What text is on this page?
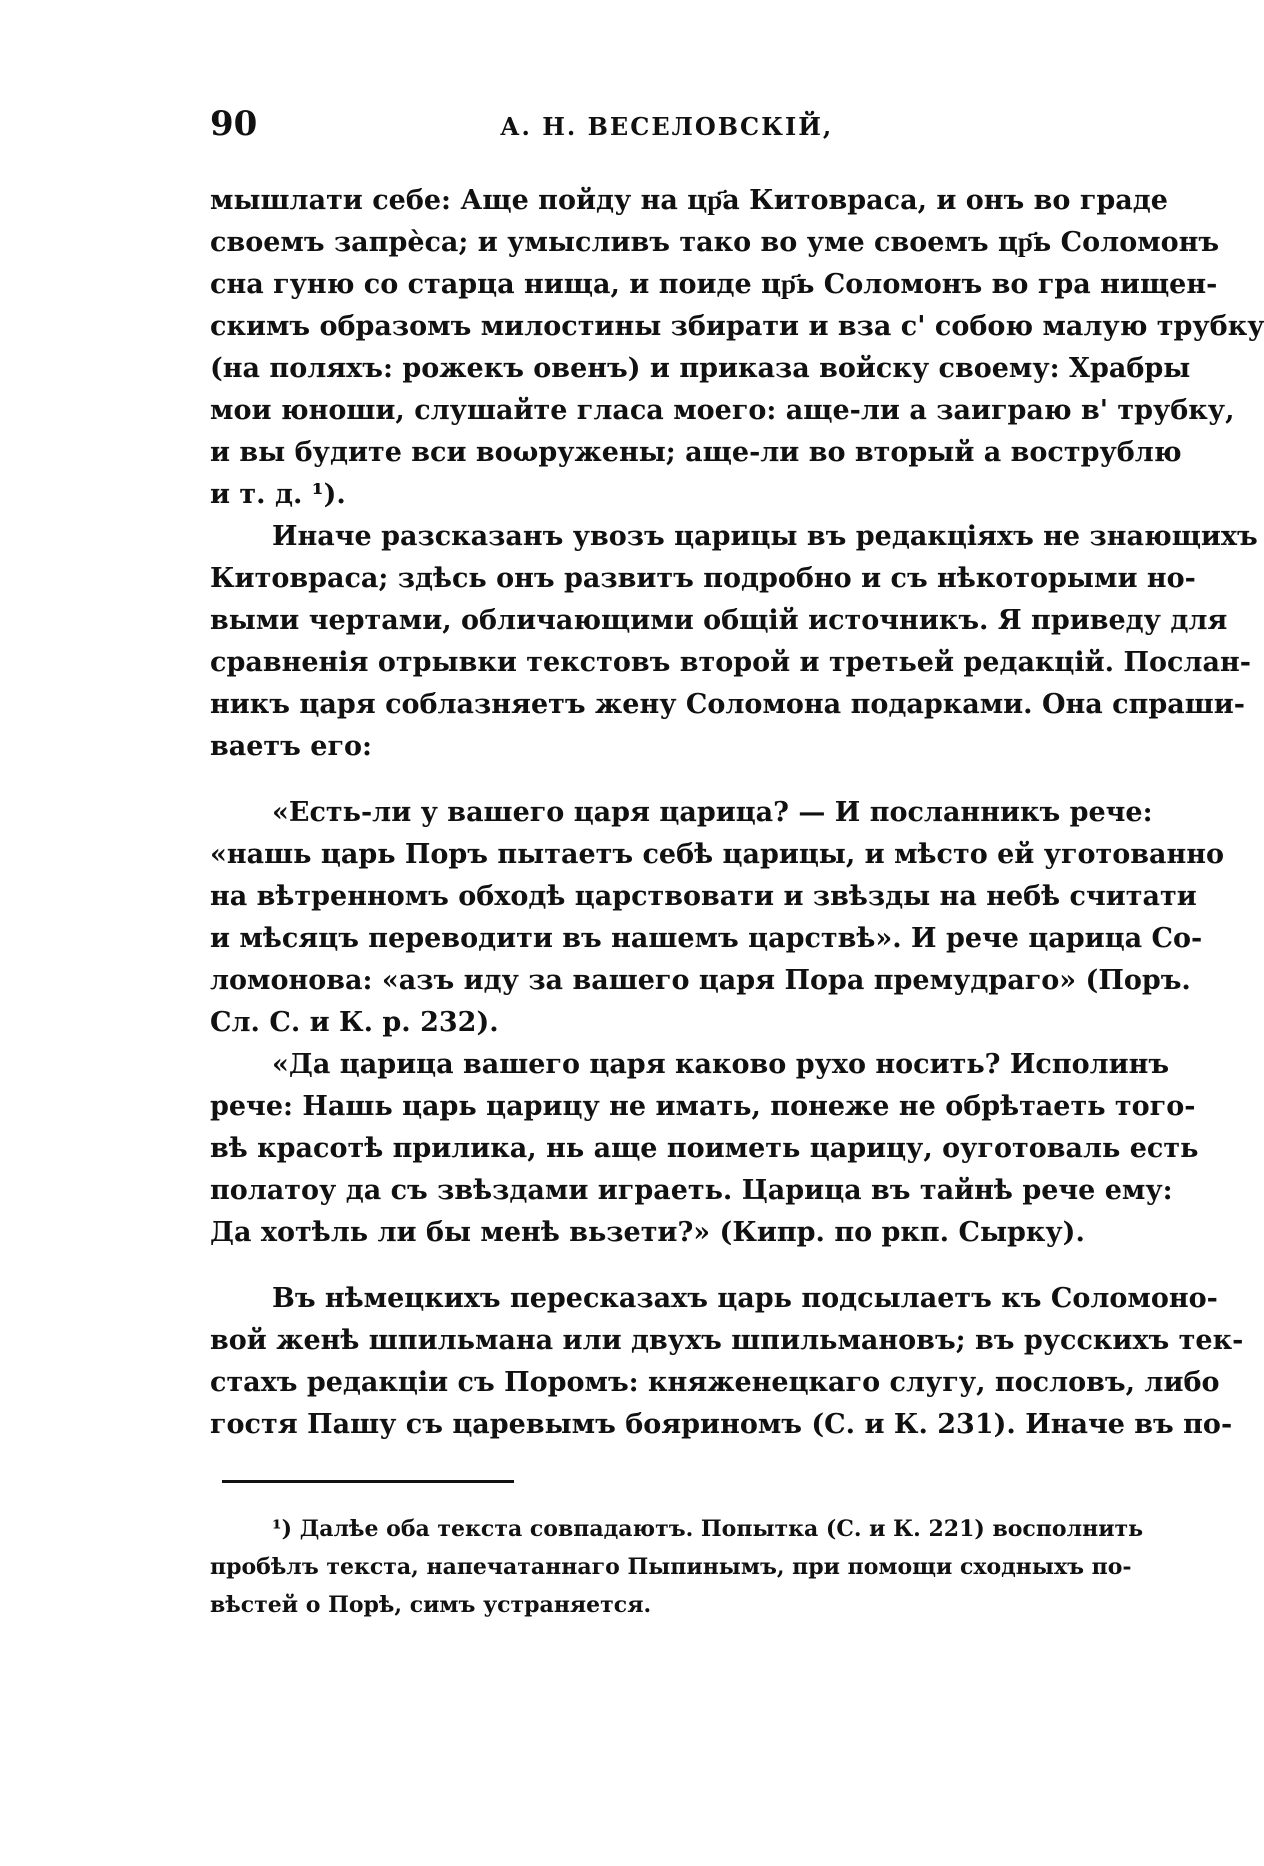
90	А. Н. ВЕСЕЛОВСКІЙ,
мышлати себе: Аще пойду на цр҃а Китовраса, и онъ во граде
своемъ запрѐса; и умысливъ тако во уме своемъ цр҃ь Соломонъ
сна гуню со старца нища, и поиде цр҃ь Соломонъ во гра нищен-
скимъ образомъ милостины збирати и вза с' собою малую трубку
(на поляхъ: рожекъ овенъ) и приказа войску своему: Храбры
мои юноши, слушайте гласа моего: аще-ли а заиграю в' трубку,
и вы будите вси воωружены; аще-ли во вторый а вострублю
и т. д. ¹).
Иначе разсказанъ увозъ царицы въ редакціяхъ не знающихъ
Китовраса; здѣсь онъ развитъ подробно и съ нѣкоторыми но-
выми чертами, обличающими общій источникъ. Я приведу для
сравненія отрывки текстовъ второй и третьей редакцій. Послан-
никъ царя соблазняетъ жену Соломона подарками. Она спраши-
ваетъ его:
«Есть-ли у вашего царя царица? — И посланникъ рече:
«нашь царь Поръ пытаетъ себѣ царицы, и мѣсто ей уготованно
на вѣтренномъ обходѣ царствовати и звѣзды на небѣ считати
и мѣсяцъ переводити въ нашемъ царствѣ». И рече царица Со-
ломонова: «азъ иду за вашего царя Пора премудраго» (Поръ.
Сл. С. и К. р. 232).
«Да царица вашего царя каково рухо носить? Исполинъ
рече: Нашь царь царицу не имать, понеже не обрѣтаеть того-
вѣ красотѣ прилика, нь аще поиметь царицу, оуготоваль есть
полатоу да съ звѣздами играеть. Царица въ тайнѣ рече ему:
Да хотѣль ли бы менѣ вьзети?» (Кипр. по ркп. Сырку).
Въ нѣмецкихъ пересказахъ царь подсылаетъ къ Соломоно-
вой женѣ шпильмана или двухъ шпильмановъ; въ русскихъ тек-
стахъ редакціи съ Поромъ: княженецкаго слугу, пословъ, либо
гостя Пашу съ царевымъ бояриномъ (С. и К. 231). Иначе въ по-
¹) Далѣе оба текста совпадаютъ. Попытка (С. и К. 221) восполнить
пробѣлъ текста, напечатаннаго Пыпинымъ, при помощи сходныхъ по-
вѣстей о Порѣ, симъ устраняется.
